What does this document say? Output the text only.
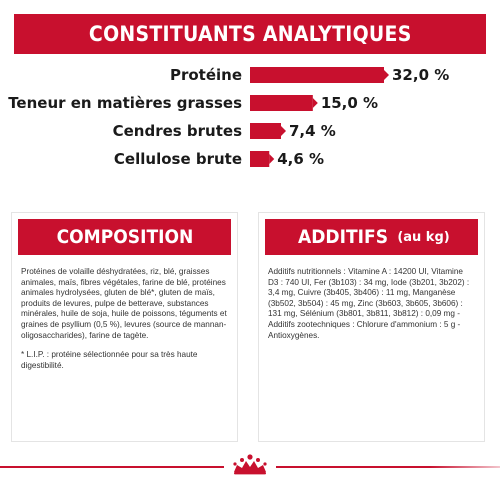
CONSTITUANTS ANALYTIQUES
Protéine	32,0 %
Teneur en matières grasses	15,0 %
Cendres brutes	7,4 %
Cellulose brute 4,6 %
COMPOSITION

Protéines de volaille déshydratées, riz, blé, graisses animales, maïs, fibres végétales, farine de blé, protéines animales hydrolysées, gluten de blé*, gluten de maïs, produits de levures, pulpe de betterave, substances minérales, huile de soja, huile de poissons, téguments et graines de psyllium (0,5 %), levures (source de mannan-oligosaccharides), farine de tagète.

* L.I.P. : protéine sélectionnée pour sa très haute digestibilité.

ADDITIFS (au kg)

Additifs nutritionnels : Vitamine A : 14200 UI, Vitamine D3 : 740 UI, Fer (3b103) : 34 mg, Iode (3b201, 3b202) : 3,4 mg, Cuivre (3b405, 3b406) : 11 mg, Manganèse (3b502, 3b504) : 45 mg, Zinc (3b603, 3b605, 3b606) : 131 mg, Sélénium (3b801, 3b811, 3b812) : 0,09 mg - Additifs zootechniques : Chlorure d'ammonium : 5 g - Antioxygènes.
